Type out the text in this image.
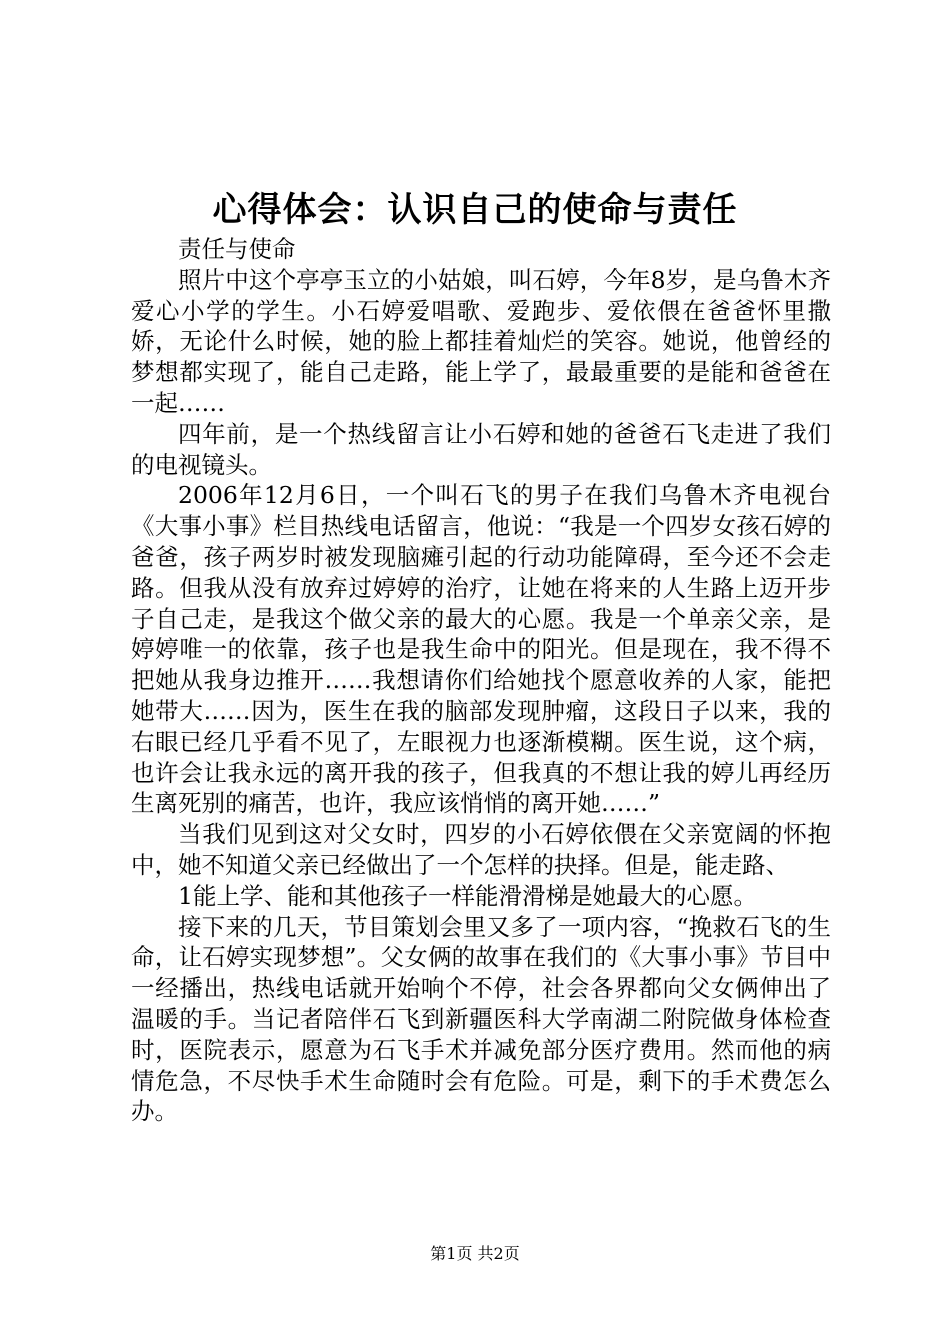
心得体会：认识自己的使命与责任

责任与使命

照片中这个亭亭玉立的小姑娘，叫石婷，今年8岁，是乌鲁木齐爱心小学的学生。小石婷爱唱歌、爱跑步、爱依偎在爸爸怀里撒娇，无论什么时候，她的脸上都挂着灿烂的笑容。她说，他曾经的梦想都实现了，能自己走路，能上学了，最最重要的是能和爸爸在一起……

四年前，是一个热线留言让小石婷和她的爸爸石飞走进了我们的电视镜头。

2006年12月6日，一个叫石飞的男子在我们乌鲁木齐电视台《大事小事》栏目热线电话留言，他说：“我是一个四岁女孩石婷的爸爸，孩子两岁时被发现脑瘫引起的行动功能障碍，至今还不会走路。但我从没有放弃过婷婷的治疗，让她在将来的人生路上迈开步子自己走，是我这个做父亲的最大的心愿。我是一个单亲父亲，是婷婷唯一的依靠，孩子也是我生命中的阳光。但是现在，我不得不把她从我身边推开……我想请你们给她找个愿意收养的人家，能把她带大……因为，医生在我的脑部发现肿瘤，这段日子以来，我的右眼已经几乎看不见了，左眼视力也逐渐模糊。医生说，这个病，也许会让我永远的离开我的孩子，但我真的不想让我的婷儿再经历生离死别的痛苦，也许，我应该悄悄的离开她……”

当我们见到这对父女时，四岁的小石婷依偎在父亲宽阔的怀抱中，她不知道父亲已经做出了一个怎样的抉择。但是，能走路、

1能上学、能和其他孩子一样能滑滑梯是她最大的心愿。

接下来的几天，节目策划会里又多了一项内容，“挽救石飞的生命，让石婷实现梦想”。父女俩的故事在我们的《大事小事》节目中一经播出，热线电话就开始响个不停，社会各界都向父女俩伸出了温暖的手。当记者陪伴石飞到新疆医科大学南湖二附院做身体检查时，医院表示，愿意为石飞手术并减免部分医疗费用。然而他的病情危急，不尽快手术生命随时会有危险。可是，剩下的手术费怎么办。

第1页 共2页
